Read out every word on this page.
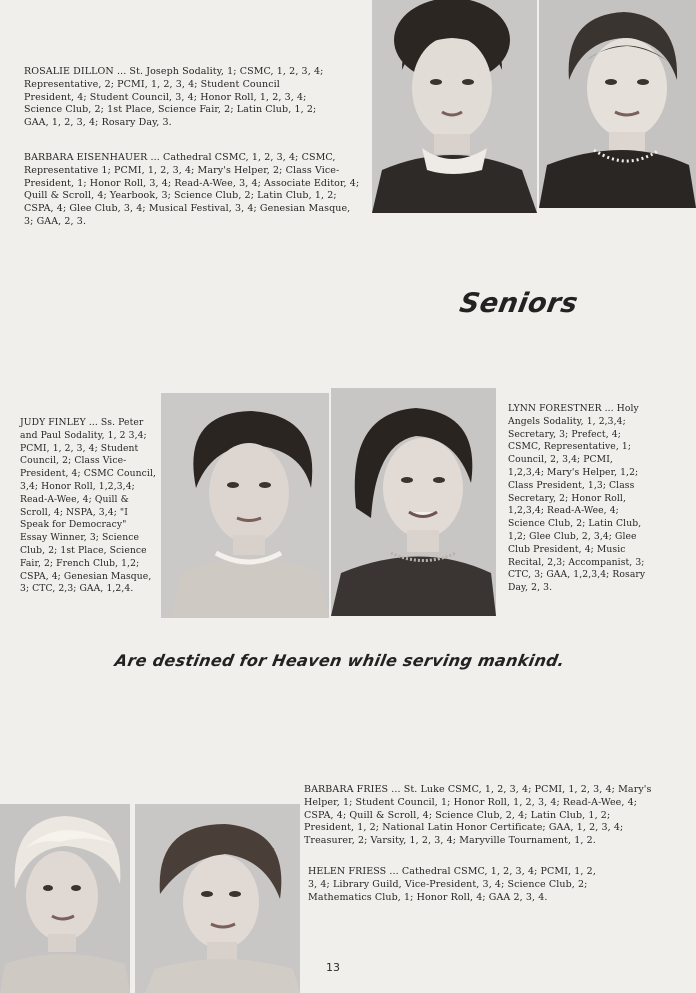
ROSALIE DILLON ... St. Joseph Sodality, 1; CSMC, 1, 2, 3, 4; Representative, 2; PCMI, 1, 2, 3, 4; Student Council President, 4; Student Council, 3, 4; Honor Roll, 1, 2, 3, 4; Science Club, 2; 1st Place, Science Fair, 2; Latin Club, 1, 2; GAA, 1, 2, 3, 4; Rosary Day, 3.
BARBARA EISENHAUER ... Cathedral CSMC, 1, 2, 3, 4; CSMC, Representative 1; PCMI, 1, 2, 3, 4; Mary's Helper, 2; Class Vice-President, 1; Honor Roll, 3, 4; Read-A-Wee, 3, 4; Associate Editor, 4; Quill & Scroll, 4; Yearbook, 3; Science Club, 2; Latin Club, 1, 2; CSPA, 4; Glee Club, 3, 4; Musical Festival, 3, 4; Genesian Masque, 3; GAA, 2, 3.
Seniors
JUDY FINLEY ... Ss. Peter and Paul Sodality, 1, 2 3,4; PCMI, 1, 2, 3, 4; Student Council, 2; Class Vice-President, 4; CSMC Council, 3,4; Honor Roll, 1,2,3,4; Read-A-Wee, 4; Quill & Scroll, 4; NSPA, 3,4; "I Speak for Democracy" Essay Winner, 3; Science Club, 2; 1st Place, Science Fair, 2; French Club, 1,2; CSPA, 4; Genesian Masque, 3; CTC, 2,3; GAA, 1,2,4.
LYNN FORESTNER ... Holy Angels Sodality, 1, 2,3,4; Secretary, 3; Prefect, 4; CSMC, Representative, 1; Council, 2, 3,4; PCMI, 1,2,3,4; Mary's Helper, 1,2; Class President, 1,3; Class Secretary, 2; Honor Roll, 1,2,3,4; Read-A-Wee, 4; Science Club, 2; Latin Club, 1,2; Glee Club, 2, 3,4; Glee Club President, 4; Music Recital, 2,3; Accompanist, 3; CTC, 3; GAA, 1,2,3,4; Rosary Day, 2, 3.
Are destined for Heaven while serving mankind.
BARBARA FRIES ... St. Luke CSMC, 1, 2, 3, 4; PCMI, 1, 2, 3, 4; Mary's Helper, 1; Student Council, 1; Honor Roll, 1, 2, 3, 4; Read-A-Wee, 4; CSPA, 4; Quill & Scroll, 4; Science Club, 2, 4; Latin Club, 1, 2; President, 1, 2; National Latin Honor Certificate; GAA, 1, 2, 3, 4; Treasurer, 2; Varsity, 1, 2, 3, 4; Maryville Tournament, 1, 2.
HELEN FRIESS ... Cathedral CSMC, 1, 2, 3, 4; PCMI, 1, 2, 3, 4; Library Guild, Vice-President, 3, 4; Science Club, 2; Mathematics Club, 1; Honor Roll, 4; GAA 2, 3, 4.
13
